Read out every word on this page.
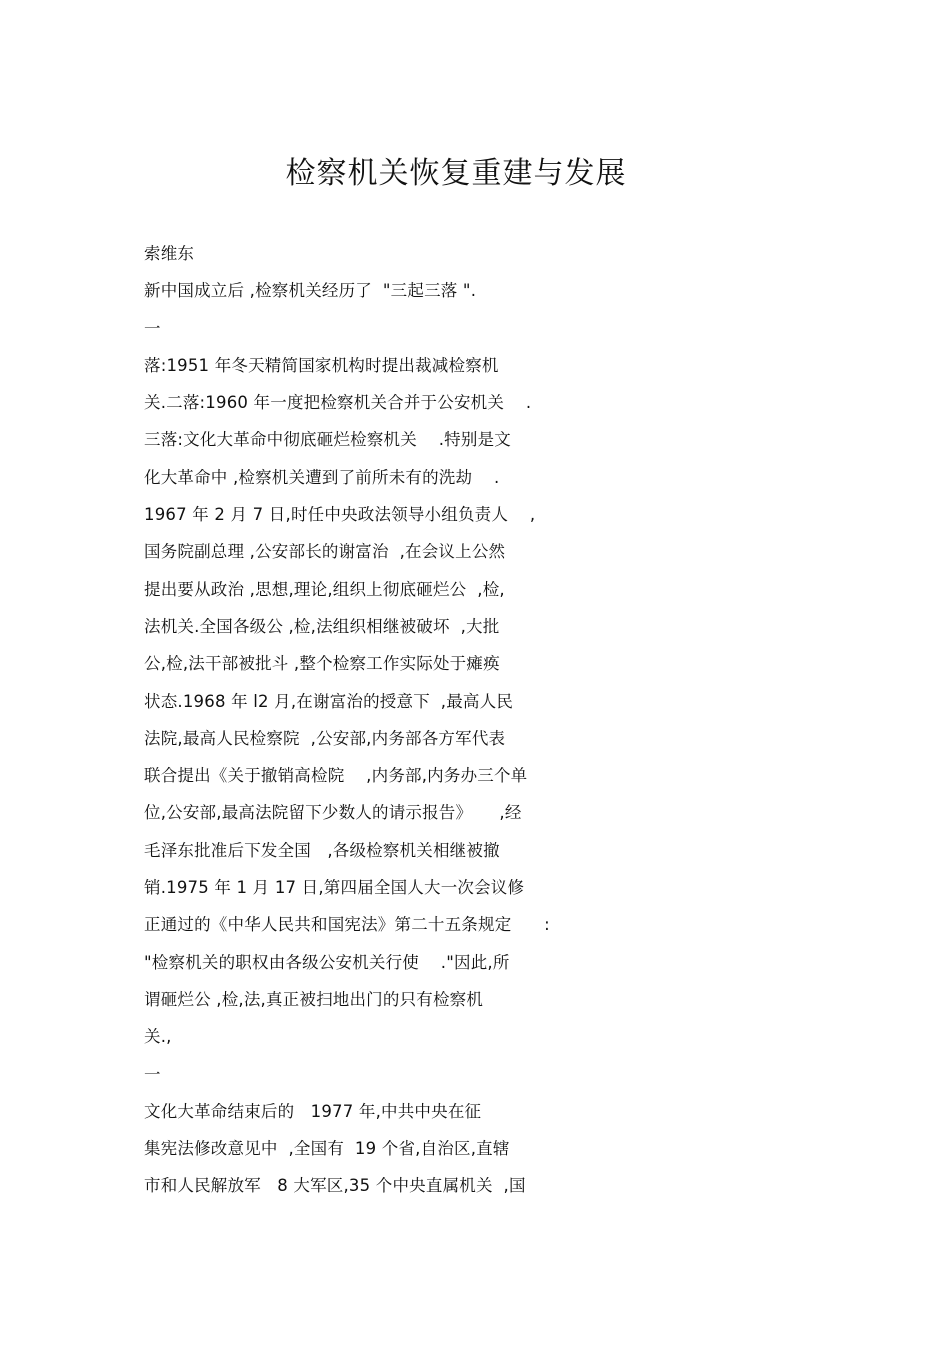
检察机关恢复重建与发展
索维东
新中国成立后 ,检察机关经历了  "三起三落 ".
一
落:1951 年冬天精简国家机构时提出裁减检察机
关.二落:1960 年一度把检察机关合并于公安机关    .
三落:文化大革命中彻底砸烂检察机关    .特别是文
化大革命中 ,检察机关遭到了前所未有的洗劫    .
1967 年 2 月 7 日,时任中央政法领导小组负责人    ,
国务院副总理 ,公安部长的谢富治  ,在会议上公然
提出要从政治 ,思想,理论,组织上彻底砸烂公  ,检,
法机关.全国各级公 ,检,法组织相继被破坏  ,大批
公,检,法干部被批斗 ,整个检察工作实际处于瘫痪
状态.1968 年 l2 月,在谢富治的授意下  ,最高人民
法院,最高人民检察院  ,公安部,内务部各方军代表
联合提出《关于撤销高检院    ,内务部,内务办三个单
位,公安部,最高法院留下少数人的请示报告》     ,经
毛泽东批准后下发全国   ,各级检察机关相继被撤
销.1975 年 1 月 17 日,第四届全国人大一次会议修
正通过的《中华人民共和国宪法》第二十五条规定      :
"检察机关的职权由各级公安机关行使    ."因此,所
谓砸烂公 ,检,法,真正被扫地出门的只有检察机
关.,
一
文化大革命结束后的   1977 年,中共中央在征
集宪法修改意见中  ,全国有  19 个省,自治区,直辖
市和人民解放军   8 大军区,35 个中央直属机关  ,国
